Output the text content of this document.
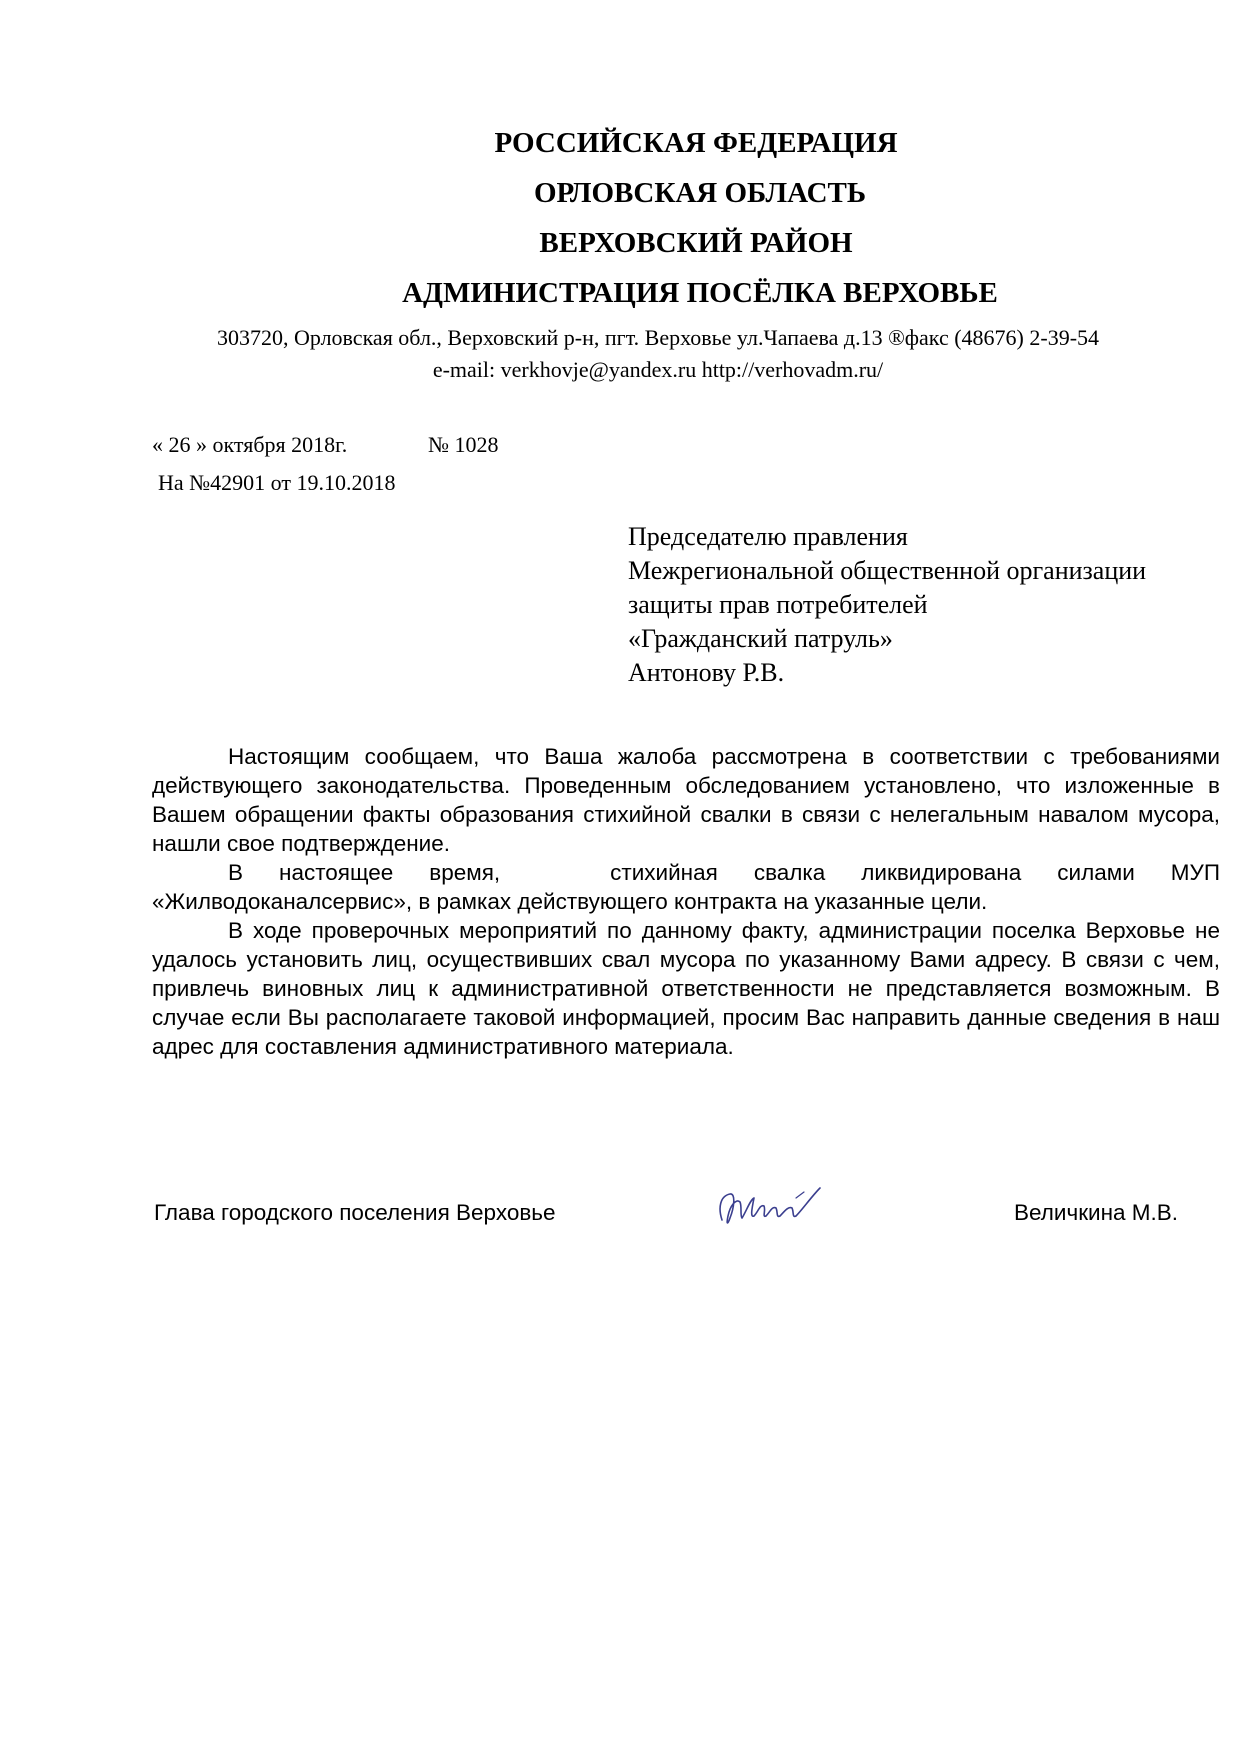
РОССИЙСКАЯ ФЕДЕРАЦИЯ
ОРЛОВСКАЯ ОБЛАСТЬ
ВЕРХОВСКИЙ РАЙОН
АДМИНИСТРАЦИЯ ПОСЁЛКА ВЕРХОВЬЕ
303720, Орловская обл., Верховский р-н, пгт. Верховье ул.Чапаева д.13 ®факс (48676) 2-39-54
e-mail: verkhovje@yandex.ru http://verhovadm.ru/
« 26 » октября 2018г.	№ 1028
На №42901 от 19.10.2018
Председателю правления
Межрегиональной общественной организации
защиты прав потребителей
«Гражданский патруль»
Антонову Р.В.

Настоящим сообщаем, что Ваша жалоба рассмотрена в соответствии с требованиями действующего законодательства. Проведенным обследованием установлено, что изложенные в Вашем обращении факты образования стихийной свалки в связи с нелегальным навалом мусора, нашли свое подтверждение.

В настоящее время,	стихийная свалка ликвидирована силами МУП «Жилводоканалсервис», в рамках действующего контракта на указанные цели.

В ходе проверочных мероприятий по данному факту, администрации поселка Верховье не удалось установить лиц, осуществивших свал мусора по указанному Вами адресу. В связи с чем, привлечь виновных лиц к административной ответственности не представляется возможным. В случае если Вы располагаете таковой информацией, просим Вас направить данные сведения в наш адрес для составления административного материала.

Глава городского поселения Верховье	Величкина М.В.
